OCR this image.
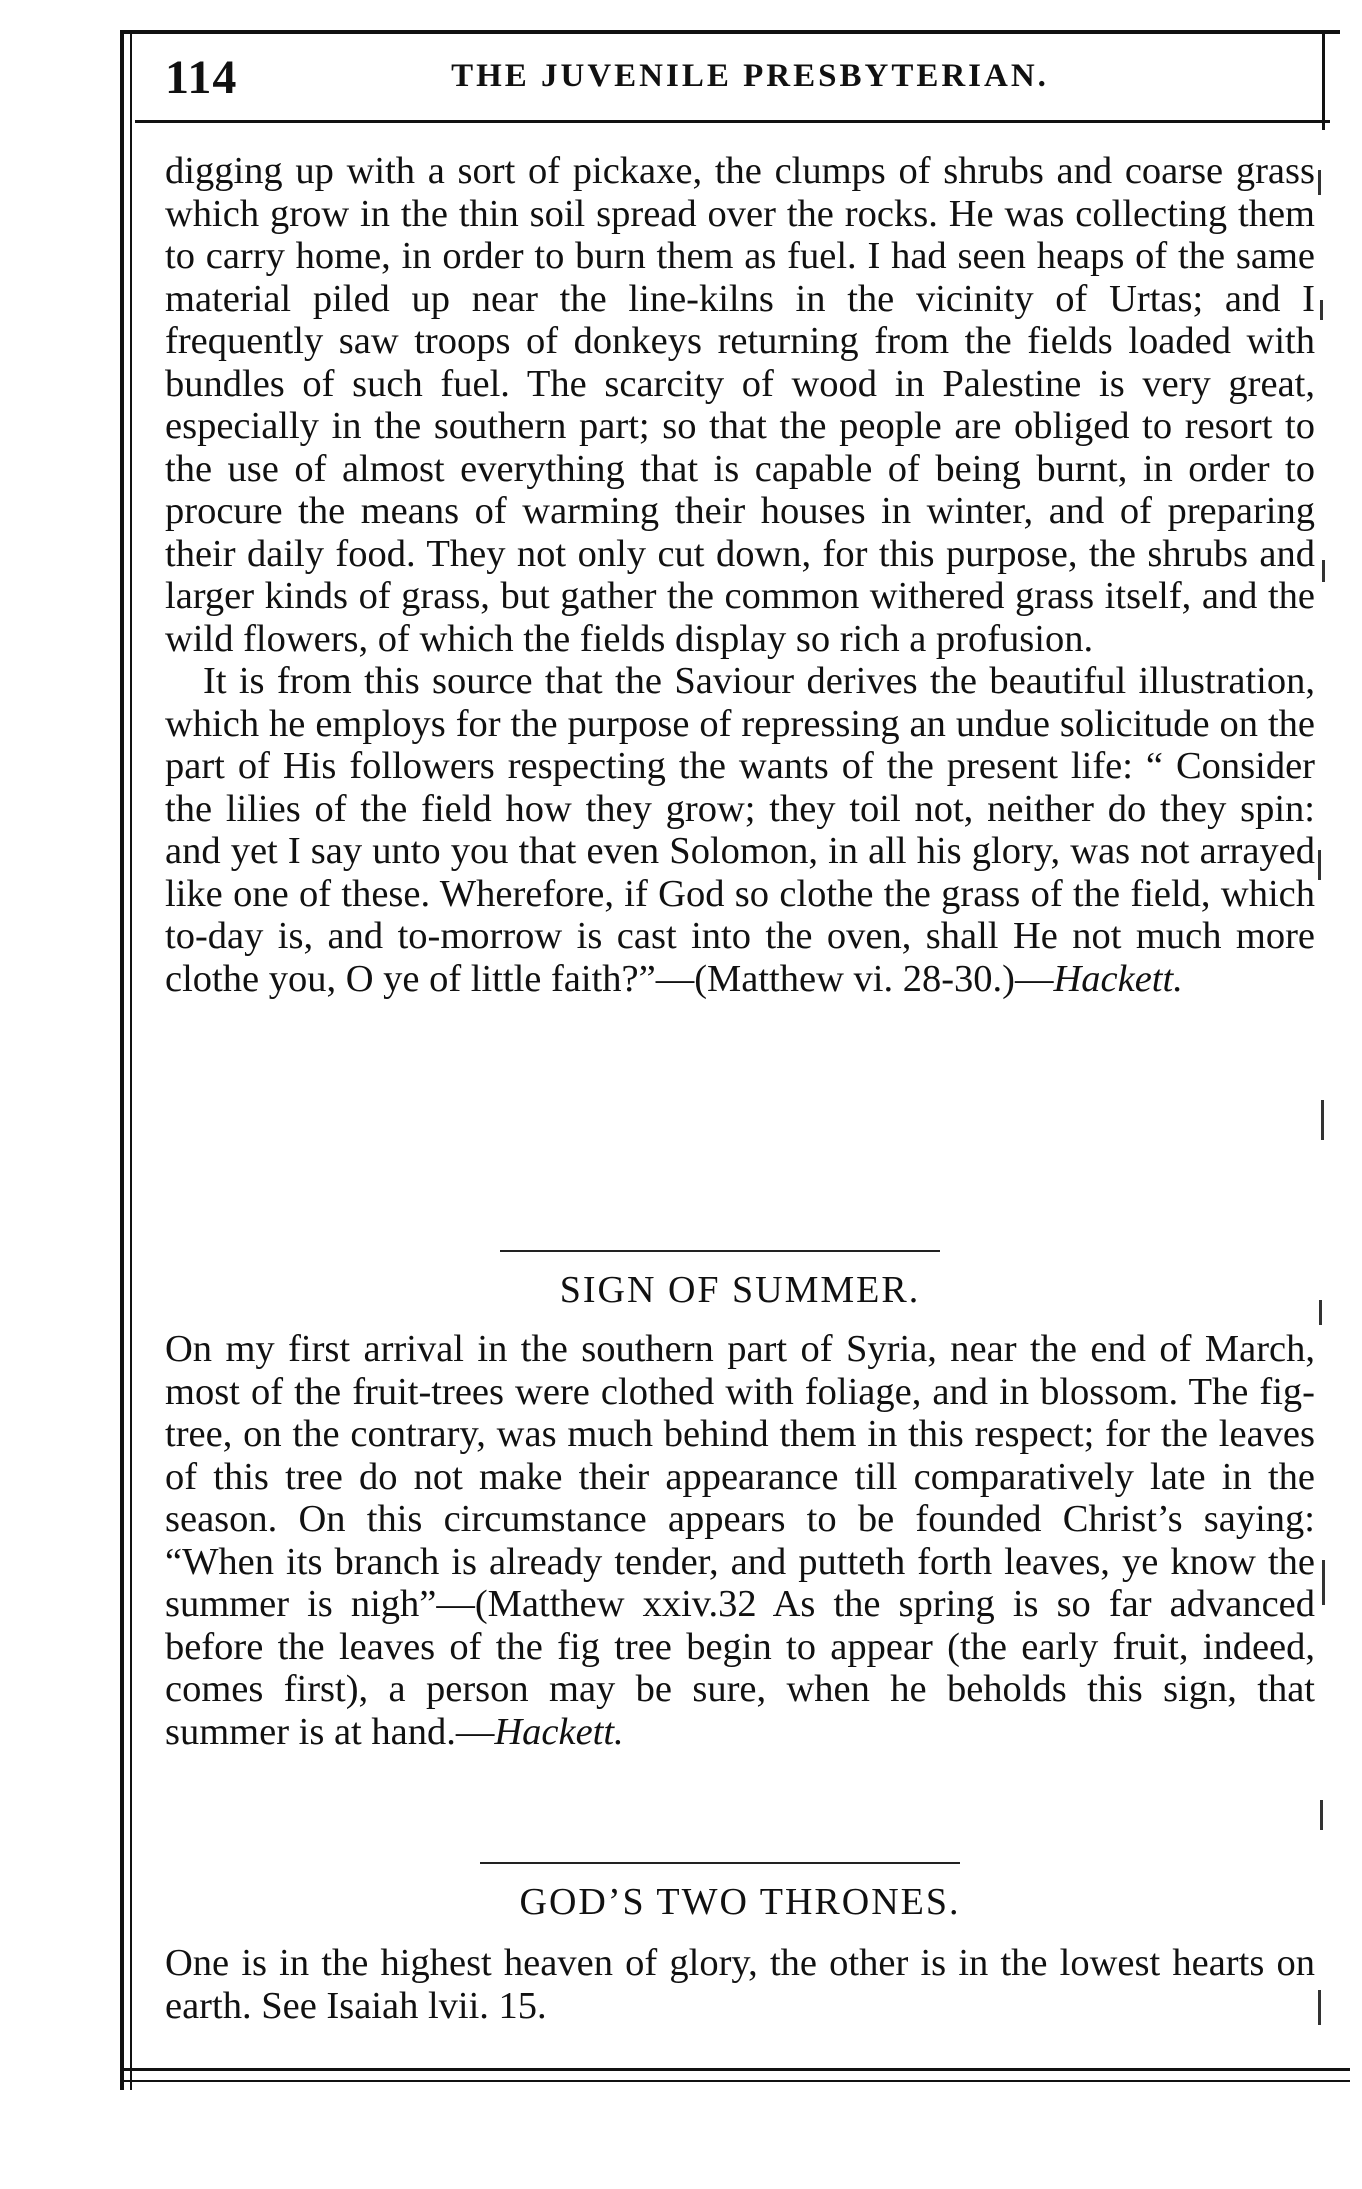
114	THE JUVENILE PRESBYTERIAN.

digging up with a sort of pickaxe, the clumps of shrubs and coarse grass which grow in the thin soil spread over the rocks. He was collecting them to carry home, in order to burn them as fuel. I had seen heaps of the same material piled up near the line-kilns in the vicinity of Urtas; and I frequently saw troops of donkeys returning from the fields loaded with bundles of such fuel. The scarcity of wood in Palestine is very great, especially in the southern part; so that the people are obliged to resort to the use of almost everything that is capable of being burnt, in order to procure the means of warming their houses in winter, and of preparing their daily food. They not only cut down, for this purpose, the shrubs and larger kinds of grass, but gather the common withered grass itself, and the wild flowers, of which the fields display so rich a profusion.

It is from this source that the Saviour derives the beautiful illustration, which he employs for the purpose of repressing an undue solicitude on the part of His followers respecting the wants of the present life: “ Consider the lilies of the field how they grow; they toil not, neither do they spin: and yet I say unto you that even Solomon, in all his glory, was not arrayed like one of these. Wherefore, if God so clothe the grass of the field, which to-day is, and to-morrow is cast into the oven, shall He not much more clothe you, O ye of little faith?”—(Matthew vi. 28-30.)—Hackett.

SIGN OF SUMMER.

On my first arrival in the southern part of Syria, near the end of March, most of the fruit-trees were clothed with foliage, and in blossom. The fig-tree, on the contrary, was much behind them in this respect; for the leaves of this tree do not make their appearance till comparatively late in the season. On this circumstance appears to be founded Christ’s saying: “When its branch is already tender, and putteth forth leaves, ye know the summer is nigh”—(Matthew xxiv.32 As the spring is so far advanced before the leaves of the fig tree begin to appear (the early fruit, indeed, comes first), a person may be sure, when he beholds this sign, that summer is at hand.—Hackett.

GOD’S TWO THRONES.

One is in the highest heaven of glory, the other is in the lowest hearts on earth. See Isaiah lvii. 15.
